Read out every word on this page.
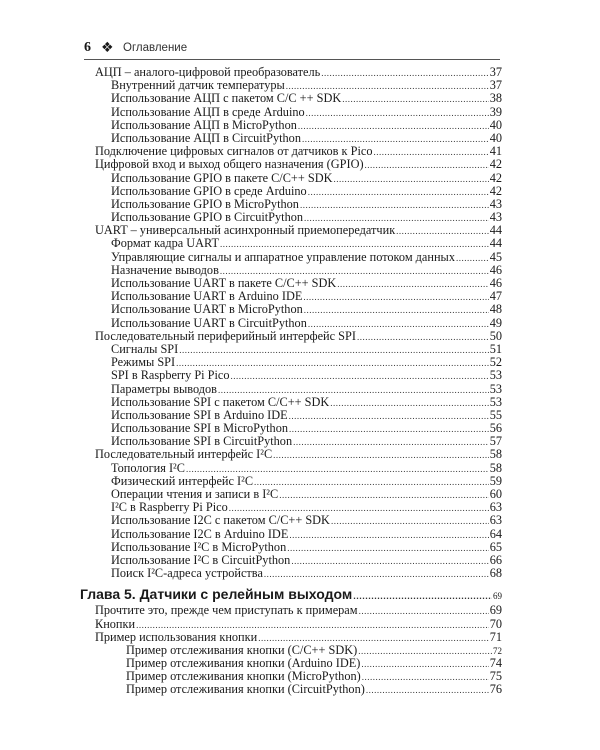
6 ❖ Оглавление
АЦП – аналого-цифровой преобразователь .....	37
Внутренний датчик температуры .....	37
Использование АЦП с пакетом C/C ++ SDK .....	38
Использование АЦП в среде Arduino .....	39
Использование АЦП в MicroPython .....	40
Использование АЦП в CircuitPython .....	40
Подключение цифровых сигналов от датчиков к Pico .....	41
Цифровой вход и выход общего назначения (GPIO) .....	42
Использование GPIO в пакете C/C++ SDK .....	42
Использование GPIO в среде Arduino .....	42
Использование GPIO в MicroPython .....	43
Использование GPIO в CircuitPython .....	43
UART – универсальный асинхронный приемопередатчик .....	44
Формат кадра UART .....	44
Управляющие сигналы и аппаратное управление потоком данных .....	45
Назначение выводов .....	46
Использование UART в пакете C/C++ SDK .....	46
Использование UART в Arduino IDE .....	47
Использование UART в MicroPython .....	48
Использование UART в CircuitPython .....	49
Последовательный периферийный интерфейс SPI .....	50
Сигналы SPI .....	51
Режимы SPI .....	52
SPI в Raspberry Pi Pico .....	53
Параметры выводов .....	53
Использование SPI с пакетом C/C++ SDK .....	53
Использование SPI в Arduino IDE .....	55
Использование SPI в MicroPython .....	56
Использование SPI в CircuitPython .....	57
Последовательный интерфейс I²C .....	58
Топология I²C .....	58
Физический интерфейс I²C .....	59
Операции чтения и записи в I²C .....	60
I²C в Raspberry Pi Pico .....	63
Использование I2C с пакетом C/C++ SDK .....	63
Использование I2C в Arduino IDE .....	64
Использование I²C в MicroPython .....	65
Использование I²C в CircuitPython .....	66
Поиск I²C-адреса устройства .....	68
Глава 5. Датчики с релейным выходом .....	69
Прочтите это, прежде чем приступать к примерам .....	69
Кнопки .....	70
Пример использования кнопки .....	71
Пример отслеживания кнопки (C/C++ SDK) .....	72
Пример отслеживания кнопки (Arduino IDE) .....	74
Пример отслеживания кнопки (MicroPython) .....	75
Пример отслеживания кнопки (CircuitPython) .....	76
